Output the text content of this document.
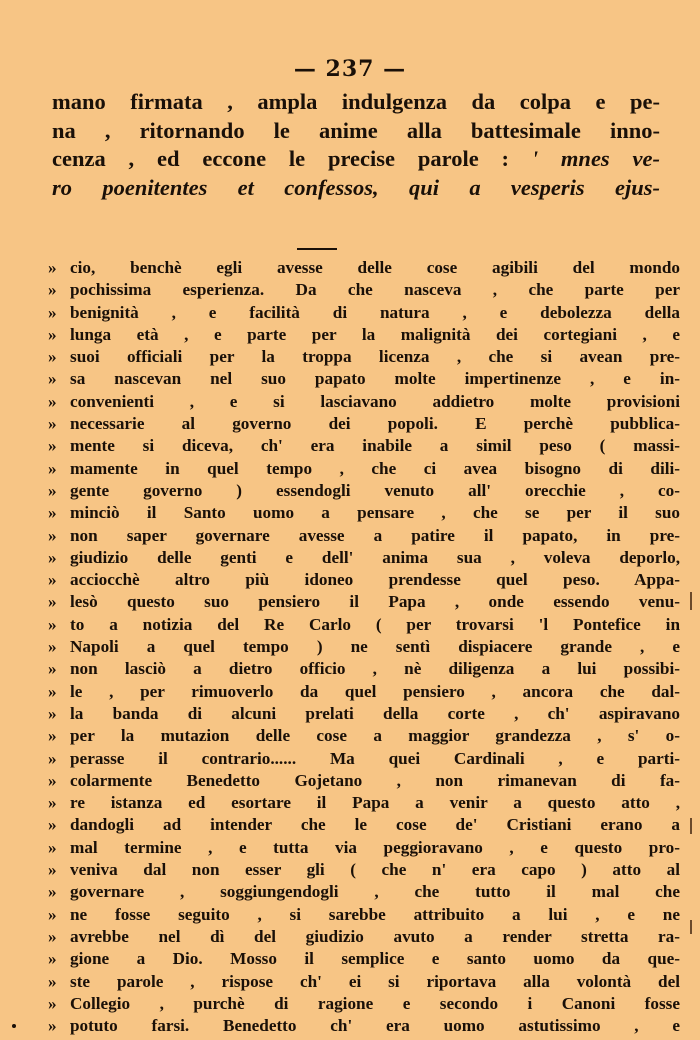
— 237 —
mano firmata , ampla indulgenza da colpa e pe-
na , ritornando le anime alla battesimale inno-
cenza , ed eccone le precise parole : ' mnes ve-
ro poenitentes et confessos, qui a vesperis ejus-
» cio, benchè egli avesse delle cose agibili del mondo
» pochissima esperienza. Da che nasceva , che parte per
» benignità , e facilità di natura , e debolezza della
» lunga età , e parte per la malignità dei cortegiani , e
» suoi officiali per la troppa licenza , che si avean pre-
» sa nascevan nel suo papato molte impertinenze , e in-
» convenienti , e si lasciavano addietro molte provisioni
» necessarie al governo dei popoli. E perchè pubblica-
» mente si diceva, ch' era inabile a simil peso ( massi-
» mamente in quel tempo , che ci avea bisogno di dili-
» gente governo ) essendogli venuto all' orecchie , co-
» minciò il Santo uomo a pensare , che se per il suo
» non saper governare avesse a patire il papato, in pre-
» giudizio delle genti e dell' anima sua , voleva deporlo,
» acciocchè altro più idoneo prendesse quel peso. Appa-
» lesò questo suo pensiero il Papa , onde essendo venu-
» to a notizia del Re Carlo ( per trovarsi 'l Pontefice in
» Napoli a quel tempo ) ne sentì dispiacere grande , e
» non lasciò a dietro officio , nè diligenza a lui possibi-
» le , per rimuoverlo da quel pensiero , ancora che dal-
» la banda di alcuni prelati della corte , ch' aspiravano
» per la mutazion delle cose a maggior grandezza , s' o-
» perasse il contrario...... Ma quei Cardinali , e parti-
» colarmente Benedetto Gojetano , non rimanevan di fa-
» re istanza ed esortare il Papa a venir a questo atto ,
» dandogli ad intender che le cose de' Cristiani erano a
» mal termine , e tutta via peggioravano , e questo pro-
» veniva dal non esser gli ( che n' era capo ) atto al
» governare , soggiungendogli , che tutto il mal che
» ne fosse seguito , si sarebbe attribuito a lui , e ne
» avrebbe nel dì del giudizio avuto a render stretta ra-
» gione a Dio. Mosso il semplice e santo uomo da que-
» ste parole , rispose ch' ei si riportava alla volontà del
» Collegio , purchè di ragione e secondo i Canoni fosse
» potuto farsi. Benedetto ch' era uomo astutissimo , e
